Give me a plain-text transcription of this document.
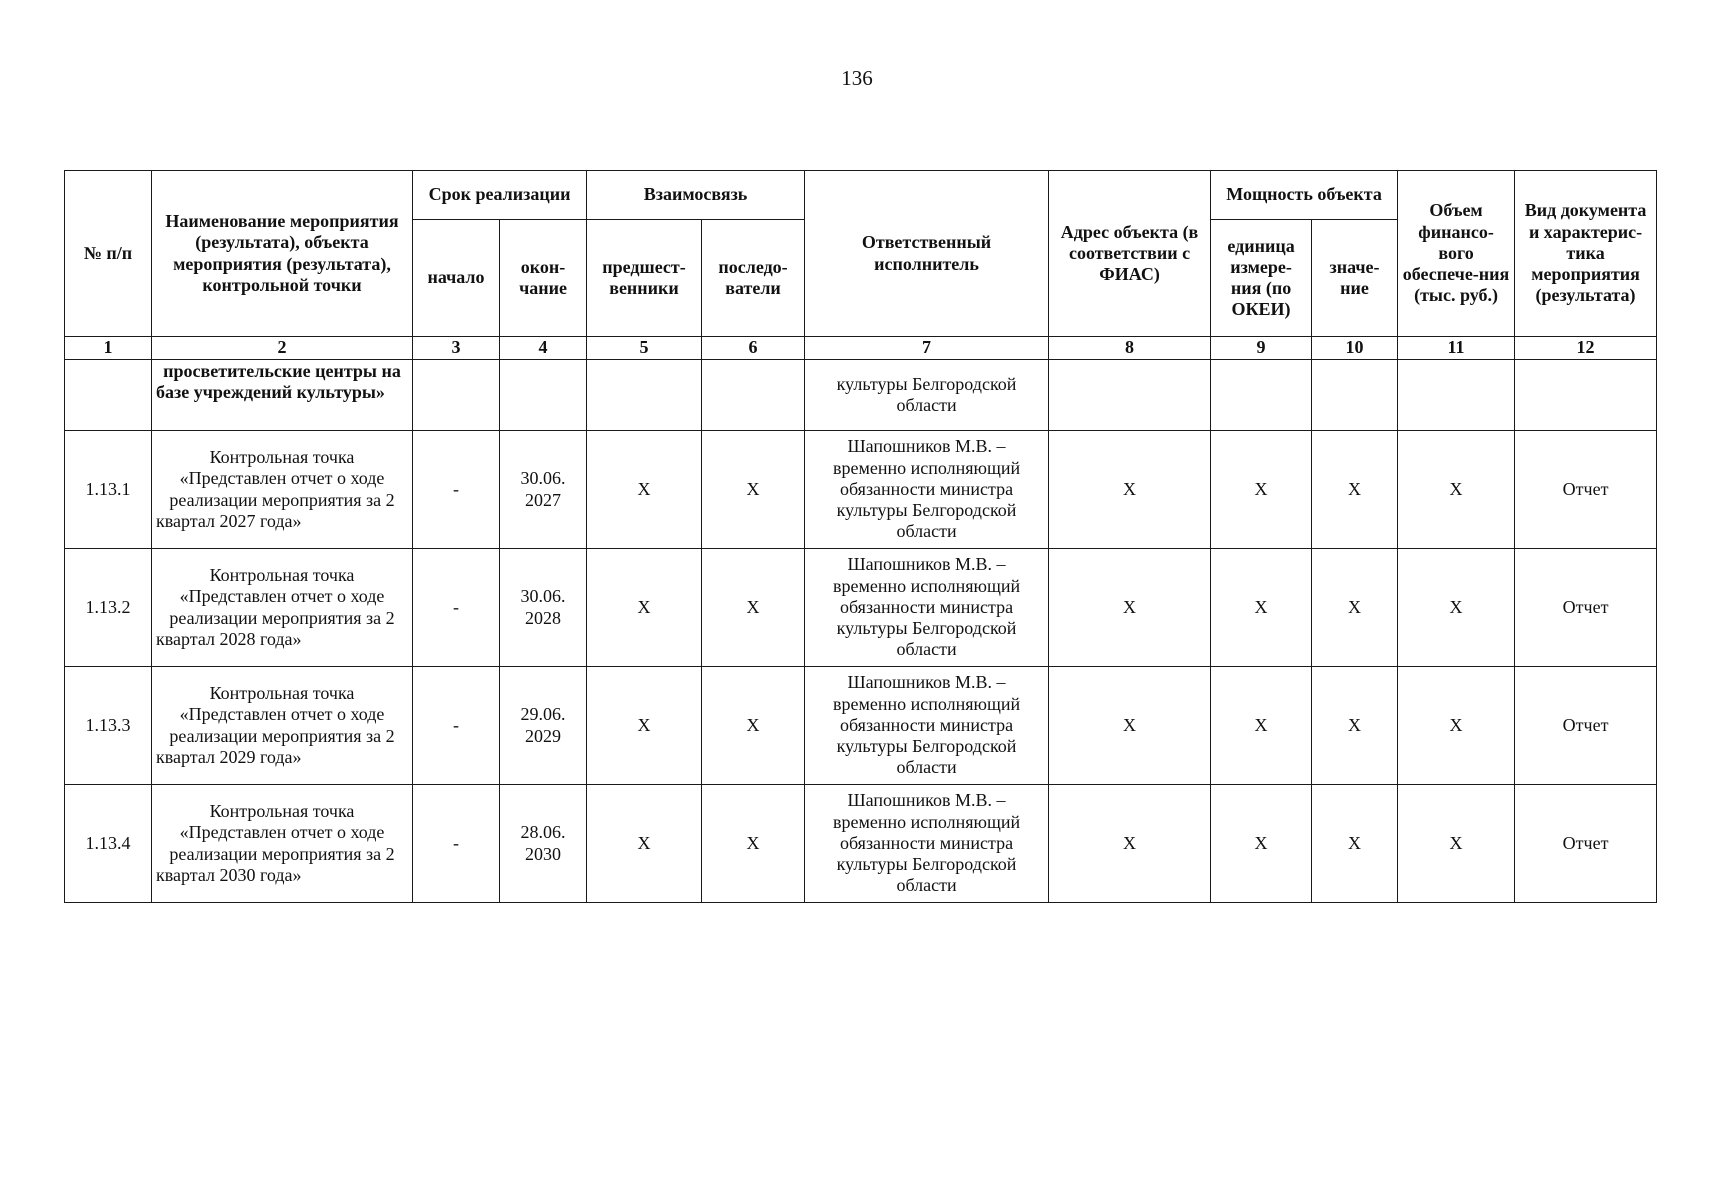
136
№ п/п	Наименование мероприятия (результата), объекта мероприятия (результата), контрольной точки	Срок реализации		Взаимосвязь		Ответственный исполнитель	Адрес объекта (в соответствии с ФИАС)	Мощность объекта		Объем финансо-вого обеспече-ния (тыс. руб.)	Вид документа и характерис-тика мероприятия (результата)
		начало	окон-чание	предшест-венники	последо-ватели			единица измере-ния (по ОКЕИ)	значе-ние		
1	2	3	4	5	6	7	8	9	10	11	12
	просветительские центры на базе учреждений культуры»					культуры Белгородской области					
1.13.1	Контрольная точка «Представлен отчет о ходе реализации мероприятия за 2 квартал 2027 года»	-	30.06. 2027	Х	Х	Шапошников М.В. – временно исполняющий обязанности министра культуры Белгородской области	Х	Х	Х	Х	Отчет
1.13.2	Контрольная точка «Представлен отчет о ходе реализации мероприятия за 2 квартал 2028 года»	-	30.06. 2028	Х	Х	Шапошников М.В. – временно исполняющий обязанности министра культуры Белгородской области	Х	Х	Х	Х	Отчет
1.13.3	Контрольная точка «Представлен отчет о ходе реализации мероприятия за 2 квартал 2029 года»	-	29.06. 2029	Х	Х	Шапошников М.В. – временно исполняющий обязанности министра культуры Белгородской области	Х	Х	Х	Х	Отчет
1.13.4	Контрольная точка «Представлен отчет о ходе реализации мероприятия за 2 квартал 2030 года»	-	28.06. 2030	Х	Х	Шапошников М.В. – временно исполняющий обязанности министра культуры Белгородской области	Х	Х	Х	Х	Отчет
